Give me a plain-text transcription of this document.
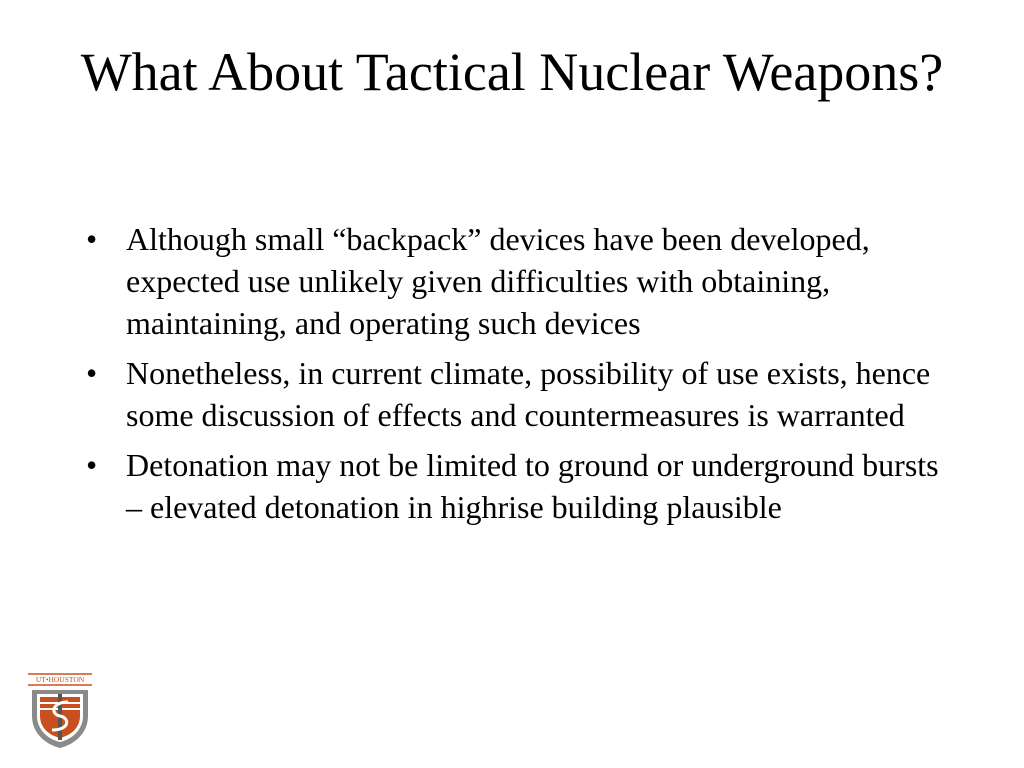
What About Tactical Nuclear Weapons?
• Although small “backpack” devices have been developed, expected use unlikely given difficulties with obtaining, maintaining, and operating such devices
• Nonetheless, in current climate, possibility of use exists, hence some discussion of effects and countermeasures is warranted
• Detonation may not be limited to ground or underground bursts – elevated detonation in highrise building plausible
UT•HOUSTON
